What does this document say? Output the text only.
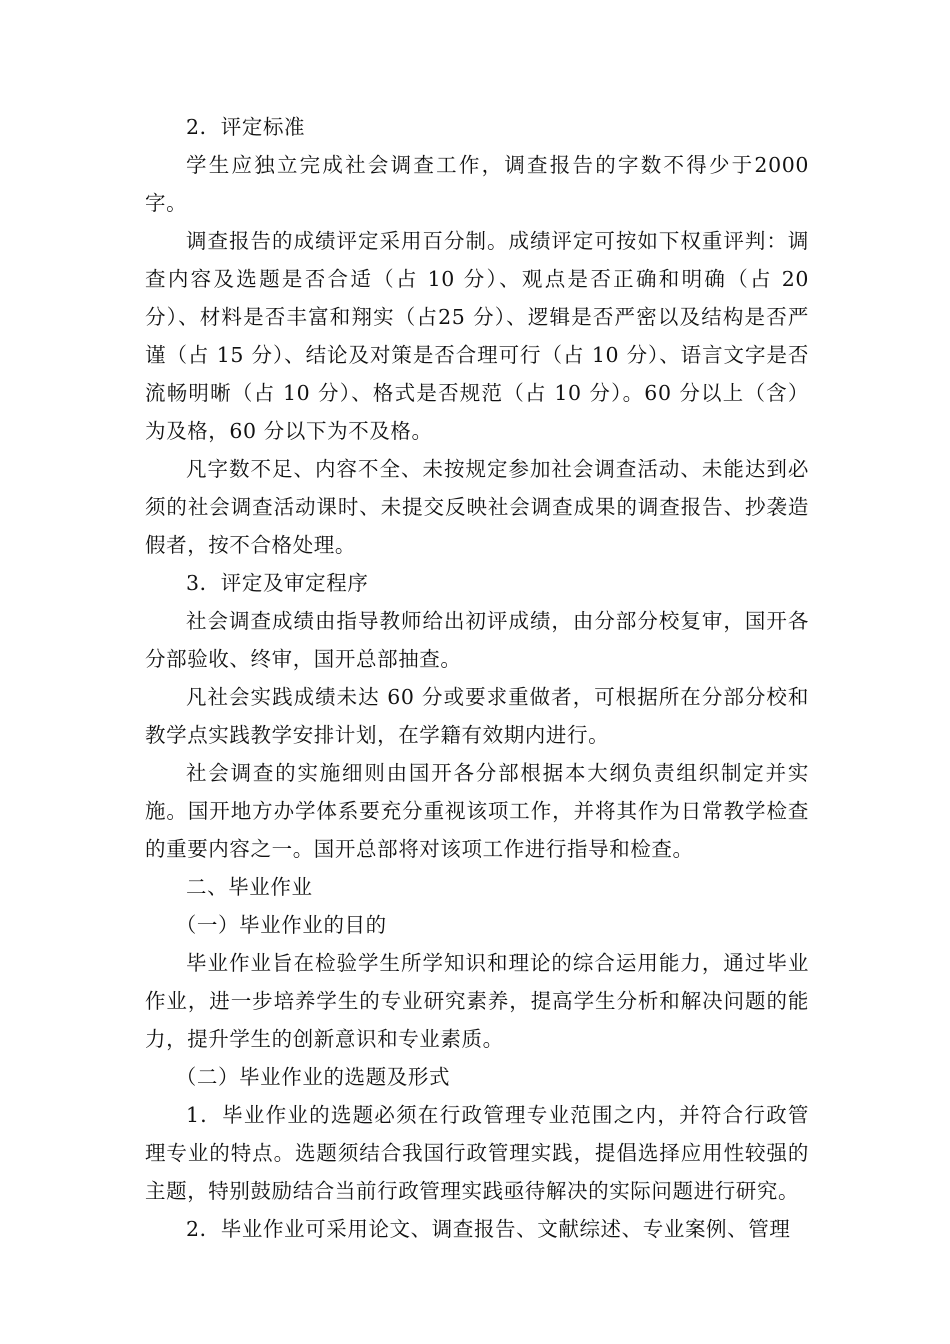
2．评定标准

学生应独立完成社会调查工作，调查报告的字数不得少于2000 字。

调查报告的成绩评定采用百分制。成绩评定可按如下权重评判：调查内容及选题是否合适（占 10 分）、观点是否正确和明确（占 20 分）、材料是否丰富和翔实（占25 分）、逻辑是否严密以及结构是否严谨（占 15 分）、结论及对策是否合理可行（占 10 分）、语言文字是否流畅明晰（占 10 分）、格式是否规范（占 10 分）。60 分以上（含）为及格，60 分以下为不及格。

凡字数不足、内容不全、未按规定参加社会调查活动、未能达到必须的社会调查活动课时、未提交反映社会调查成果的调查报告、抄袭造假者，按不合格处理。

3．评定及审定程序

社会调查成绩由指导教师给出初评成绩，由分部分校复审，国开各分部验收、终审，国开总部抽查。

凡社会实践成绩未达 60 分或要求重做者，可根据所在分部分校和教学点实践教学安排计划，在学籍有效期内进行。

社会调查的实施细则由国开各分部根据本大纲负责组织制定并实施。国开地方办学体系要充分重视该项工作，并将其作为日常教学检查的重要内容之一。国开总部将对该项工作进行指导和检查。

二、毕业作业

（一）毕业作业的目的

毕业作业旨在检验学生所学知识和理论的综合运用能力，通过毕业作业，进一步培养学生的专业研究素养，提高学生分析和解决问题的能力，提升学生的创新意识和专业素质。

（二）毕业作业的选题及形式

1．毕业作业的选题必须在行政管理专业范围之内，并符合行政管理专业的特点。选题须结合我国行政管理实践，提倡选择应用性较强的主题，特别鼓励结合当前行政管理实践亟待解决的实际问题进行研究。

2．毕业作业可采用论文、调查报告、文献综述、专业案例、管理
